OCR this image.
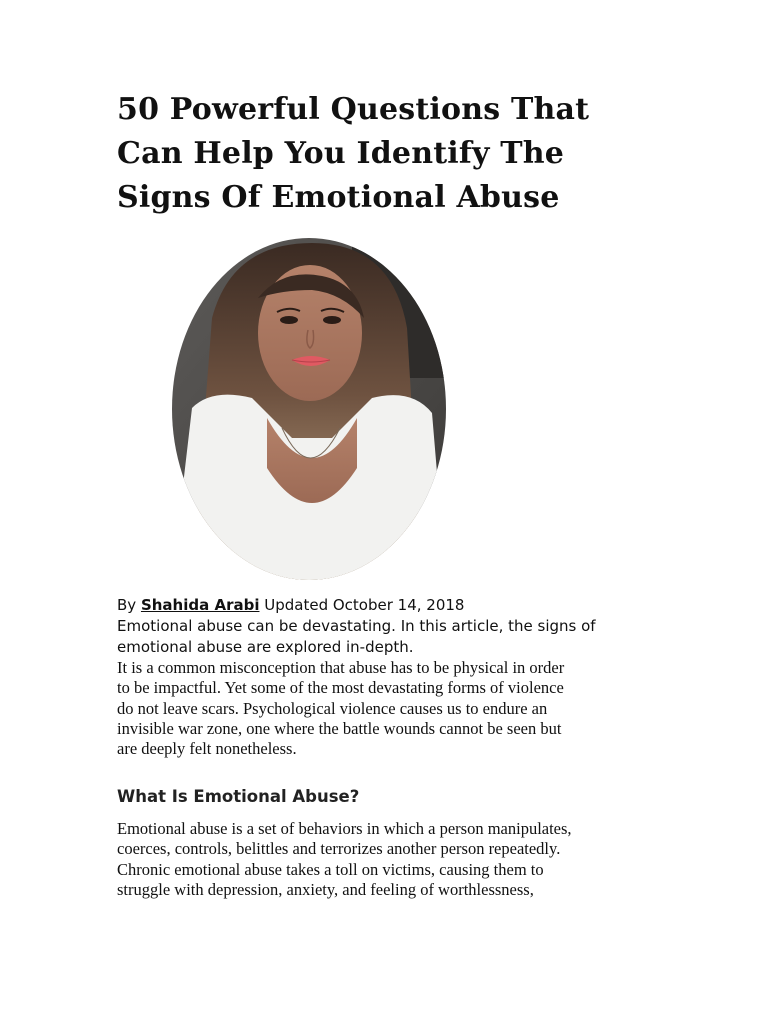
50 Powerful Questions That
Can Help You Identify The
Signs Of Emotional Abuse

By Shahida Arabi Updated October 14, 2018

Emotional abuse can be devastating. In this article, the signs of
emotional abuse are explored in-depth.

It is a common misconception that abuse has to be physical in order
to be impactful. Yet some of the most devastating forms of violence
do not leave scars. Psychological violence causes us to endure an
invisible war zone, one where the battle wounds cannot be seen but
are deeply felt nonetheless.

What Is Emotional Abuse?

Emotional abuse is a set of behaviors in which a person manipulates,
coerces, controls, belittles and terrorizes another person repeatedly.
Chronic emotional abuse takes a toll on victims, causing them to
struggle with depression, anxiety, and feeling of worthlessness,
